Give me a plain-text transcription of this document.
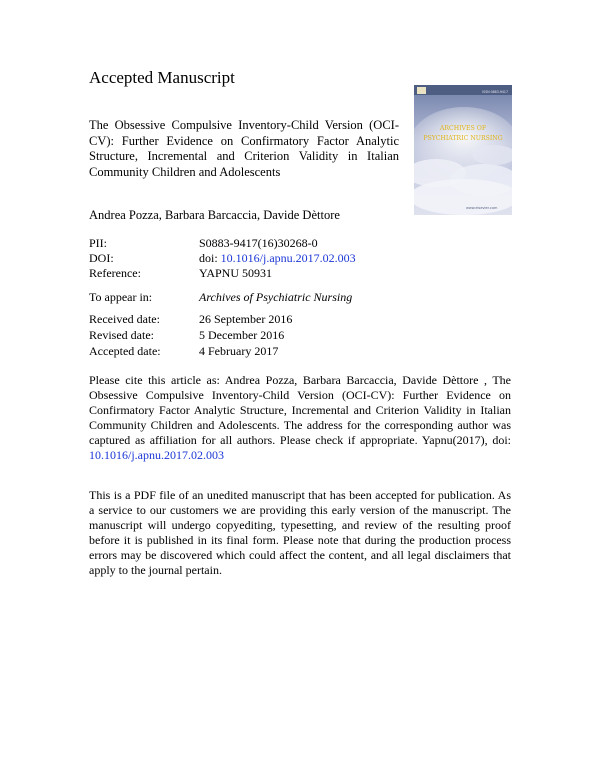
Accepted Manuscript

The Obsessive Compulsive Inventory-Child Version (OCI-CV): Further Evidence on Confirmatory Factor Analytic Structure, Incremental and Criterion Validity in Italian Community Children and Adolescents

ISSN 0883-9417
ARCHIVES OF
PSYCHIATRIC NURSING
www.elsevier.com

Andrea Pozza, Barbara Barcaccia, Davide Dèttore

PII:	S0883-9417(16)30268-0
DOI:	doi: 10.1016/j.apnu.2017.02.003
Reference:	YAPNU 50931
To appear in:	Archives of Psychiatric Nursing
Received date:	26 September 2016
Revised date:	5 December 2016
Accepted date:	4 February 2017

Please cite this article as: Andrea Pozza, Barbara Barcaccia, Davide Dèttore , The Obsessive Compulsive Inventory-Child Version (OCI-CV): Further Evidence on Confirmatory Factor Analytic Structure, Incremental and Criterion Validity in Italian Community Children and Adolescents. The address for the corresponding author was captured as affiliation for all authors. Please check if appropriate. Yapnu(2017), doi: 10.1016/j.apnu.2017.02.003

This is a PDF file of an unedited manuscript that has been accepted for publication. As a service to our customers we are providing this early version of the manuscript. The manuscript will undergo copyediting, typesetting, and review of the resulting proof before it is published in its final form. Please note that during the production process errors may be discovered which could affect the content, and all legal disclaimers that apply to the journal pertain.
